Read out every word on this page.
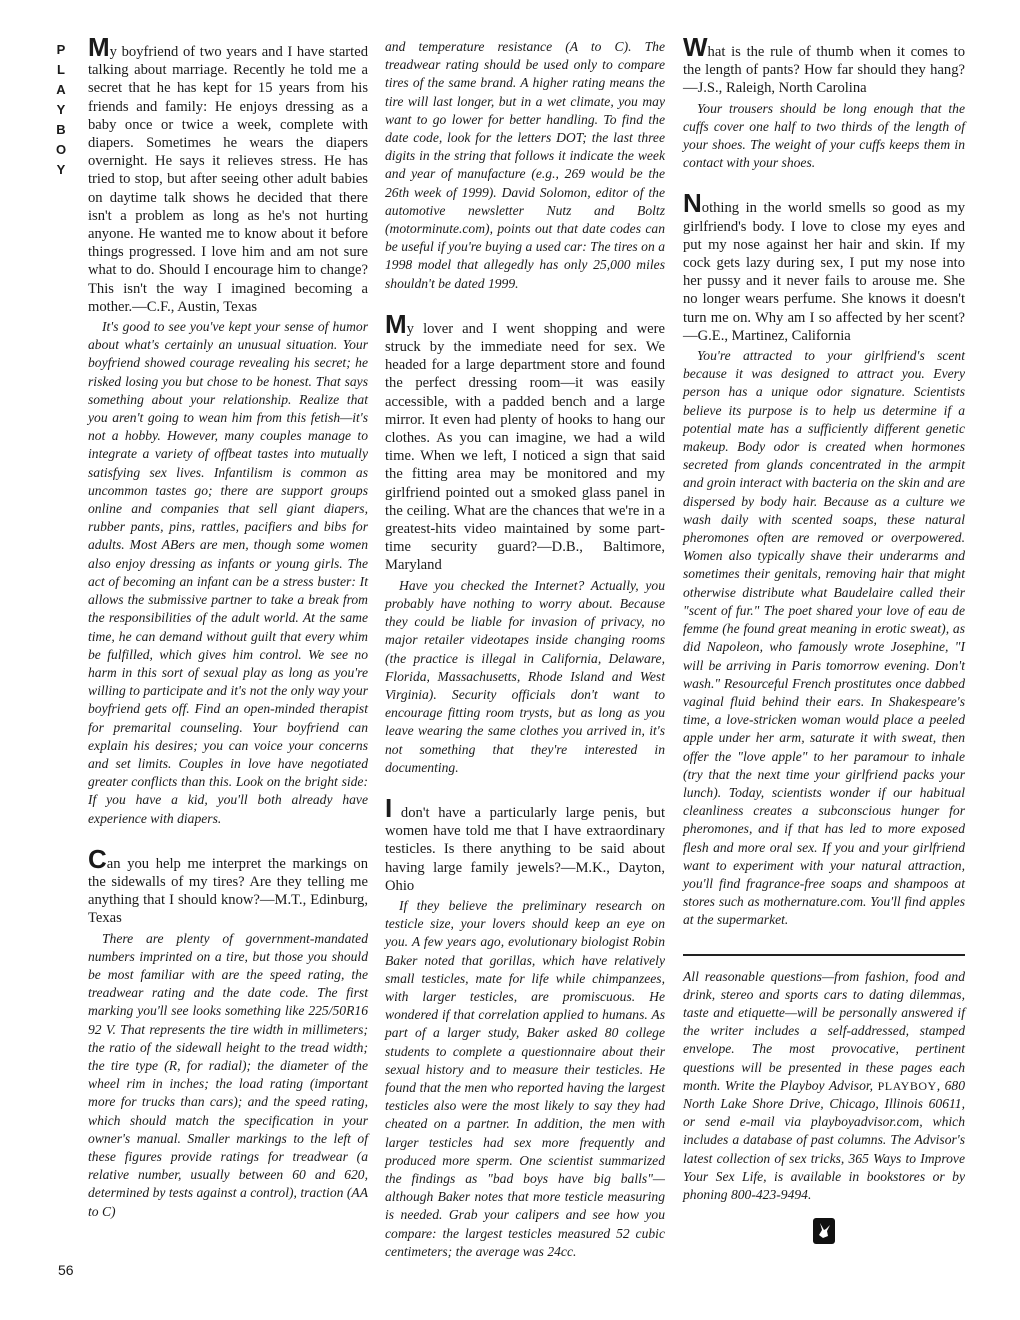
P
L
A
Y
B
O
Y
56

My boyfriend of two years and I have started talking about marriage. Recently he told me a secret that he has kept for 15 years from his friends and family: He enjoys dressing as a baby once or twice a week, complete with diapers. Sometimes he wears the diapers overnight. He says it relieves stress. He has tried to stop, but after seeing other adult babies on daytime talk shows he decided that there isn't a problem as long as he's not hurting anyone. He wanted me to know about it before things progressed. I love him and am not sure what to do. Should I encourage him to change? This isn't the way I imagined becoming a mother.—C.F., Austin, Texas

It's good to see you've kept your sense of humor about what's certainly an unusual situation. Your boyfriend showed courage revealing his secret; he risked losing you but chose to be honest. That says something about your relationship. Realize that you aren't going to wean him from this fetish—it's not a hobby. However, many couples manage to integrate a variety of offbeat tastes into mutually satisfying sex lives. Infantilism is common as uncommon tastes go; there are support groups online and companies that sell giant diapers, rubber pants, pins, rattles, pacifiers and bibs for adults. Most ABers are men, though some women also enjoy dressing as infants or young girls. The act of becoming an infant can be a stress buster: It allows the submissive partner to take a break from the responsibilities of the adult world. At the same time, he can demand without guilt that every whim be fulfilled, which gives him control. We see no harm in this sort of sexual play as long as you're willing to participate and it's not the only way your boyfriend gets off. Find an open-minded therapist for premarital counseling. Your boyfriend can explain his desires; you can voice your concerns and set limits. Couples in love have negotiated greater conflicts than this. Look on the bright side: If you have a kid, you'll both already have experience with diapers.

Can you help me interpret the markings on the sidewalls of my tires? Are they telling me anything that I should know?—M.T., Edinburg, Texas

There are plenty of government-mandated numbers imprinted on a tire, but those you should be most familiar with are the speed rating, the treadwear rating and the date code. The first marking you'll see looks something like 225/50R16 92 V. That represents the tire width in millimeters; the ratio of the sidewall height to the tread width; the tire type (R, for radial); the diameter of the wheel rim in inches; the load rating (important more for trucks than cars); and the speed rating, which should match the specification in your owner's manual. Smaller markings to the left of these figures provide ratings for treadwear (a relative number, usually between 60 and 620, determined by tests against a control), traction (AA to C)

and temperature resistance (A to C). The treadwear rating should be used only to compare tires of the same brand. A higher rating means the tire will last longer, but in a wet climate, you may want to go lower for better handling. To find the date code, look for the letters DOT; the last three digits in the string that follows it indicate the week and year of manufacture (e.g., 269 would be the 26th week of 1999). David Solomon, editor of the automotive newsletter Nutz and Boltz (motorminute.com), points out that date codes can be useful if you're buying a used car: The tires on a 1998 model that allegedly has only 25,000 miles shouldn't be dated 1999.

My lover and I went shopping and were struck by the immediate need for sex. We headed for a large department store and found the perfect dressing room—it was easily accessible, with a padded bench and a large mirror. It even had plenty of hooks to hang our clothes. As you can imagine, we had a wild time. When we left, I noticed a sign that said the fitting area may be monitored and my girlfriend pointed out a smoked glass panel in the ceiling. What are the chances that we're in a greatest-hits video maintained by some part-time security guard?—D.B., Baltimore, Maryland

Have you checked the Internet? Actually, you probably have nothing to worry about. Because they could be liable for invasion of privacy, no major retailer videotapes inside changing rooms (the practice is illegal in California, Delaware, Florida, Massachusetts, Rhode Island and West Virginia). Security officials don't want to encourage fitting room trysts, but as long as you leave wearing the same clothes you arrived in, it's not something that they're interested in documenting.

I don't have a particularly large penis, but women have told me that I have extraordinary testicles. Is there anything to be said about having large family jewels?—M.K., Dayton, Ohio

If they believe the preliminary research on testicle size, your lovers should keep an eye on you. A few years ago, evolutionary biologist Robin Baker noted that gorillas, which have relatively small testicles, mate for life while chimpanzees, with larger testicles, are promiscuous. He wondered if that correlation applied to humans. As part of a larger study, Baker asked 80 college students to complete a questionnaire about their sexual history and to measure their testicles. He found that the men who reported having the largest testicles also were the most likely to say they had cheated on a partner. In addition, the men with larger testicles had sex more frequently and produced more sperm. One scientist summarized the findings as "bad boys have big balls"—although Baker notes that more testicle measuring is needed. Grab your calipers and see how you compare: the largest testicles measured 52 cubic centimeters; the average was 24cc.

What is the rule of thumb when it comes to the length of pants? How far should they hang?—J.S., Raleigh, North Carolina

Your trousers should be long enough that the cuffs cover one half to two thirds of the length of your shoes. The weight of your cuffs keeps them in contact with your shoes.

Nothing in the world smells so good as my girlfriend's body. I love to close my eyes and put my nose against her hair and skin. If my cock gets lazy during sex, I put my nose into her pussy and it never fails to arouse me. She no longer wears perfume. She knows it doesn't turn me on. Why am I so affected by her scent?—G.E., Martinez, California

You're attracted to your girlfriend's scent because it was designed to attract you. Every person has a unique odor signature. Scientists believe its purpose is to help us determine if a potential mate has a sufficiently different genetic makeup. Body odor is created when hormones secreted from glands concentrated in the armpit and groin interact with bacteria on the skin and are dispersed by body hair. Because as a culture we wash daily with scented soaps, these natural pheromones often are removed or overpowered. Women also typically shave their underarms and sometimes their genitals, removing hair that might otherwise distribute what Baudelaire called their "scent of fur." The poet shared your love of eau de femme (he found great meaning in erotic sweat), as did Napoleon, who famously wrote Josephine, "I will be arriving in Paris tomorrow evening. Don't wash." Resourceful French prostitutes once dabbed vaginal fluid behind their ears. In Shakespeare's time, a love-stricken woman would place a peeled apple under her arm, saturate it with sweat, then offer the "love apple" to her paramour to inhale (try that the next time your girlfriend packs your lunch). Today, scientists wonder if our habitual cleanliness creates a subconscious hunger for pheromones, and if that has led to more exposed flesh and more oral sex. If you and your girlfriend want to experiment with your natural attraction, you'll find fragrance-free soaps and shampoos at stores such as mothernature.com. You'll find apples at the supermarket.

All reasonable questions—from fashion, food and drink, stereo and sports cars to dating dilemmas, taste and etiquette—will be personally answered if the writer includes a self-addressed, stamped envelope. The most provocative, pertinent questions will be presented in these pages each month. Write the Playboy Advisor, PLAYBOY, 680 North Lake Shore Drive, Chicago, Illinois 60611, or send e-mail via playboyadvisor.com, which includes a database of past columns. The Advisor's latest collection of sex tricks, 365 Ways to Improve Your Sex Life, is available in bookstores or by phoning 800-423-9494.
